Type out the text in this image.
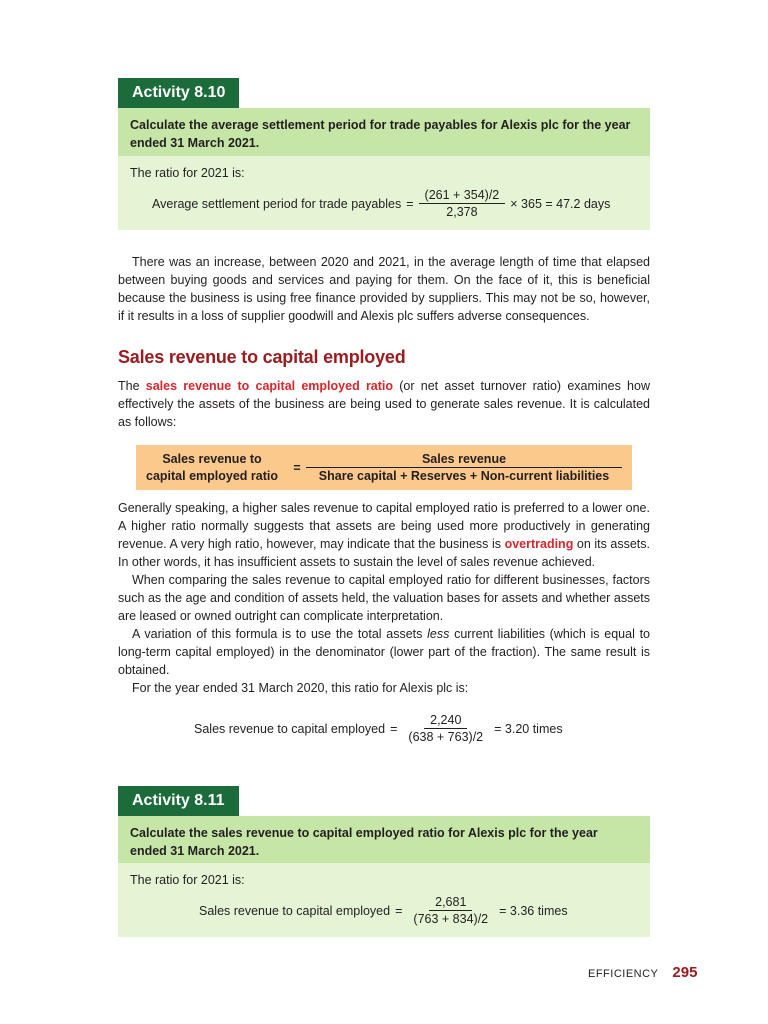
Activity 8.10
Calculate the average settlement period for trade payables for Alexis plc for the year ended 31 March 2021.
The ratio for 2021 is:
Average settlement period for trade payables = $\frac{(261 + 354)/2}{2,378} \times 365 = 47.2$ days

There was an increase, between 2020 and 2021, in the average length of time that elapsed between buying goods and services and paying for them. On the face of it, this is beneficial because the business is using free finance provided by suppliers. This may not be so, however, if it results in a loss of supplier goodwill and Alexis plc suffers adverse consequences.

Sales revenue to capital employed

The sales revenue to capital employed ratio (or net asset turnover ratio) examines how effectively the assets of the business are being used to generate sales revenue. It is calculated as follows:

Sales revenue to
capital employed ratio
= $\frac{\text{Sales revenue}}{\text{Share capital + Reserves + Non-current liabilities}}$
Generally speaking, a higher sales revenue to capital employed ratio is preferred to a lower one. A higher ratio normally suggests that assets are being used more productively in generating revenue. A very high ratio, however, may indicate that the business is overtrading on its assets. In other words, it has insufficient assets to sustain the level of sales revenue achieved.
When comparing the sales revenue to capital employed ratio for different businesses, factors such as the age and condition of assets held, the valuation bases for assets and whether assets are leased or owned outright can complicate interpretation.
A variation of this formula is to use the total assets less current liabilities (which is equal to long-term capital employed) in the denominator (lower part of the fraction). The same result is obtained.
For the year ended 31 March 2020, this ratio for Alexis plc is:
Sales revenue to capital employed = $\frac{2,240}{(638 + 763)/2} = 3.20$ times
Activity 8.11
Calculate the sales revenue to capital employed ratio for Alexis plc for the year ended 31 March 2021.
The ratio for 2021 is:
Sales revenue to capital employed = $\frac{2,681}{(763 + 834)/2} = 3.36$ times
EFFICIENCY 295
